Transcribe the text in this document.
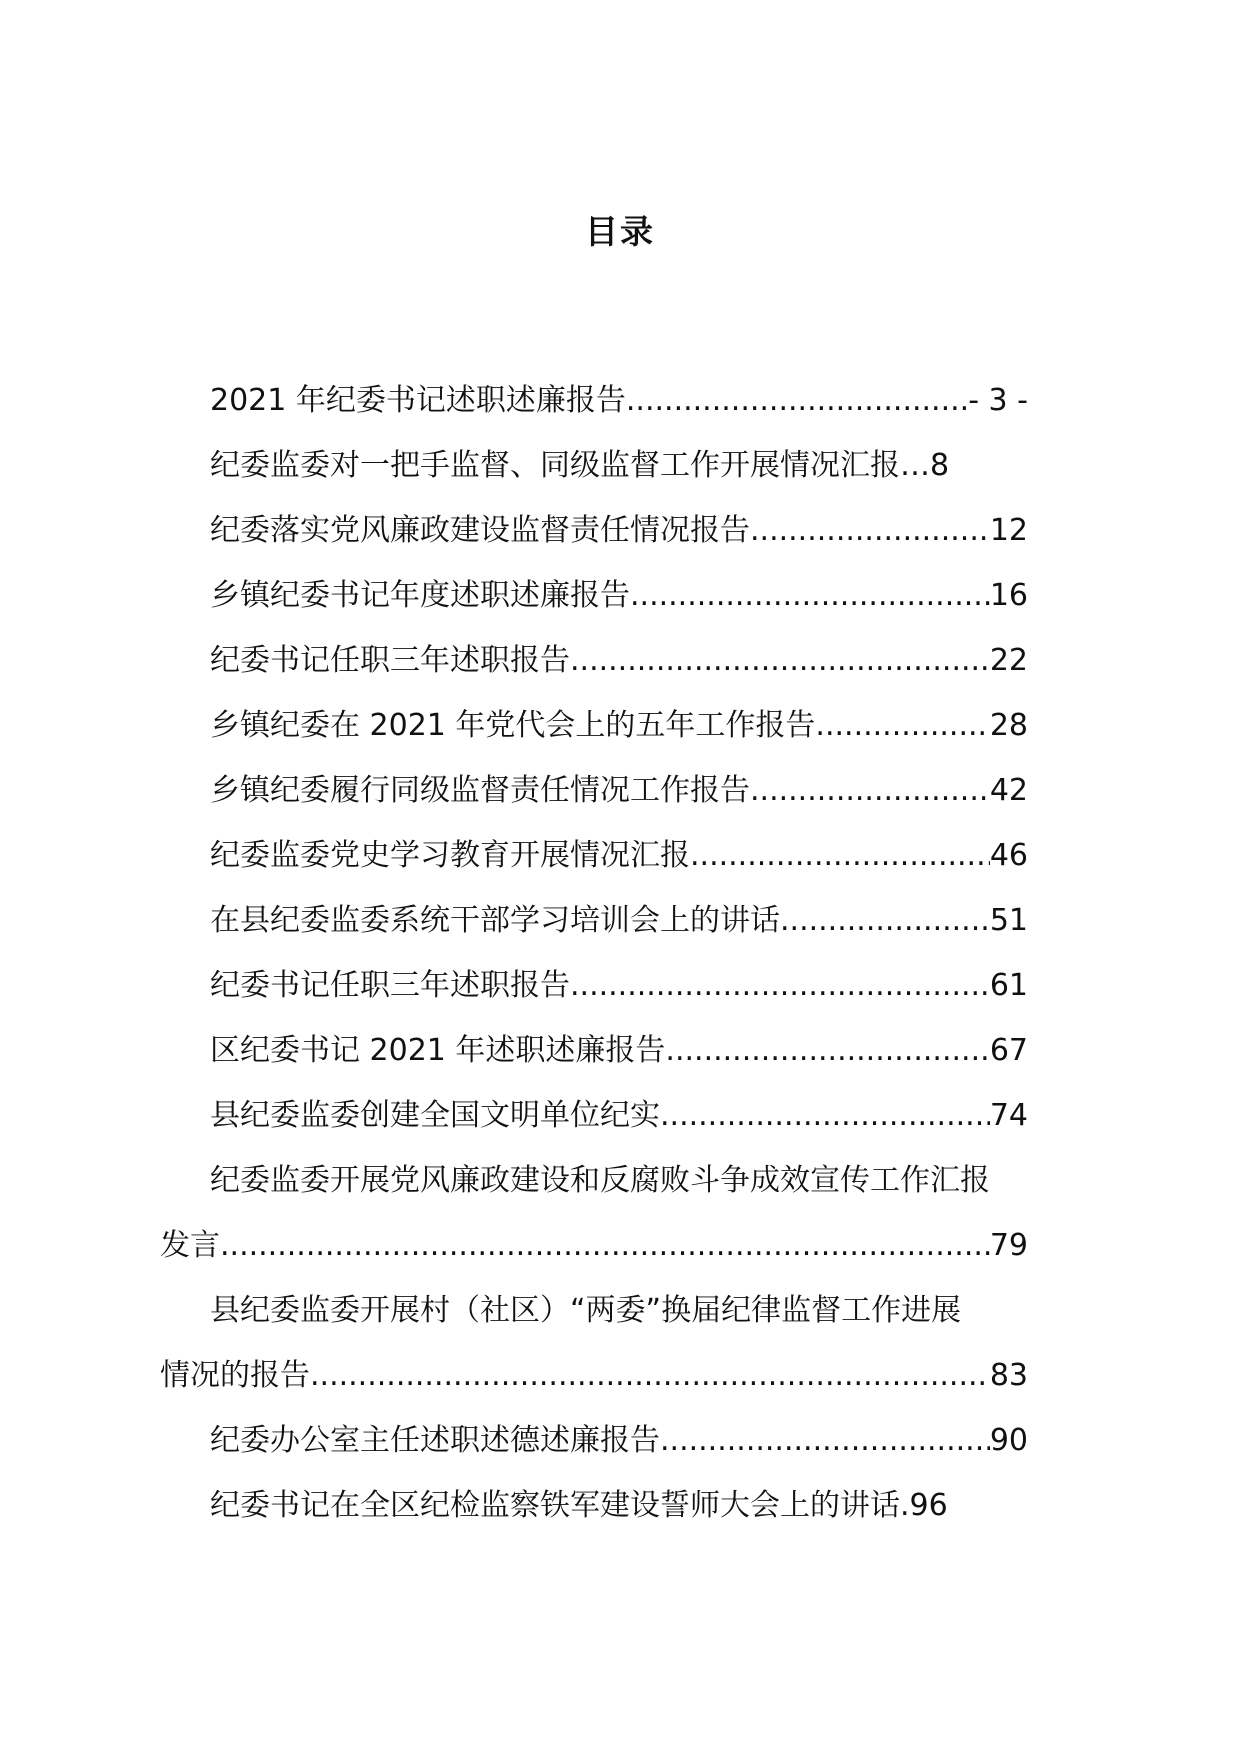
目录
2021 年纪委书记述职述廉报告 .....	- 3 -
纪委监委对一把手监督、同级监督工作开展情况汇报… 8
纪委落实党风廉政建设监督责任情况报告 .....	12
乡镇纪委书记年度述职述廉报告 .....	16
纪委书记任职三年述职报告 .....	22
乡镇纪委在 2021 年党代会上的五年工作报告 .....	28
乡镇纪委履行同级监督责任情况工作报告 .....	42
纪委监委党史学习教育开展情况汇报 .....	46
在县纪委监委系统干部学习培训会上的讲话 .....	51
纪委书记任职三年述职报告 .....	61
区纪委书记 2021 年述职述廉报告 .....	67
县纪委监委创建全国文明单位纪实 .....	74
纪委监委开展党风廉政建设和反腐败斗争成效宣传工作汇报
发言 .....	79
县纪委监委开展村（社区）“两委”换届纪律监督工作进展
情况的报告 .....	83
纪委办公室主任述职述德述廉报告 .....	90
纪委书记在全区纪检监察铁军建设誓师大会上的讲话. 96
